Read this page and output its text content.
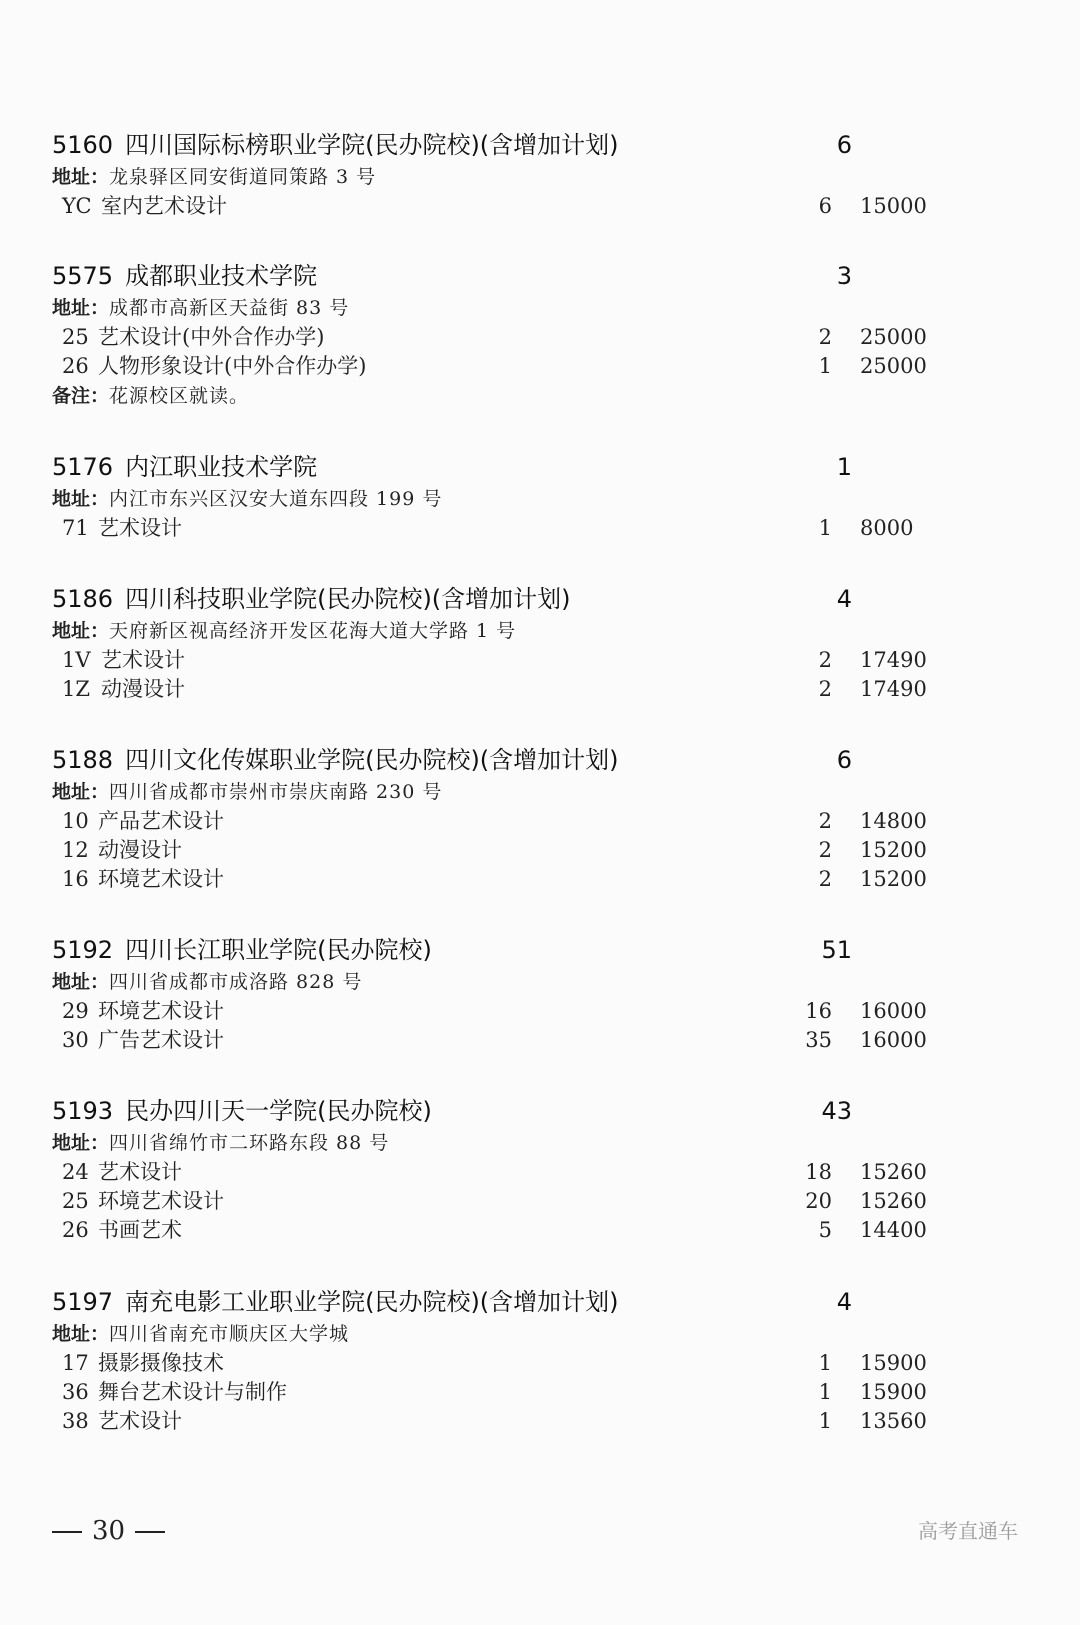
5160 四川国际标榜职业学院(民办院校)(含增加计划)	6
地址：龙泉驿区同安街道同策路 3 号
YC 室内艺术设计	6 15000
5575 成都职业技术学院	3
地址：成都市高新区天益街 83 号
25 艺术设计(中外合作办学)	2 25000
26 人物形象设计(中外合作办学)	1 25000
备注：花源校区就读。
5176 内江职业技术学院	1
地址：内江市东兴区汉安大道东四段 199 号
71 艺术设计	1 8000
5186 四川科技职业学院(民办院校)(含增加计划)	4
地址：天府新区视高经济开发区花海大道大学路 1 号
1V 艺术设计	2 17490
1Z 动漫设计	2 17490
5188 四川文化传媒职业学院(民办院校)(含增加计划)	6
地址：四川省成都市崇州市崇庆南路 230 号
10 产品艺术设计	2 14800
12 动漫设计	2 15200
16 环境艺术设计	2 15200
5192 四川长江职业学院(民办院校)	51
地址：四川省成都市成洛路 828 号
29 环境艺术设计	16 16000
30 广告艺术设计	35 16000
5193 民办四川天一学院(民办院校)	43
地址：四川省绵竹市二环路东段 88 号
24 艺术设计	18 15260
25 环境艺术设计	20 15260
26 书画艺术	5 14400
5197 南充电影工业职业学院(民办院校)(含增加计划)	4
地址：四川省南充市顺庆区大学城
17 摄影摄像技术	1 15900
36 舞台艺术设计与制作	1 15900
38 艺术设计	1 13560
30	高考直通车
